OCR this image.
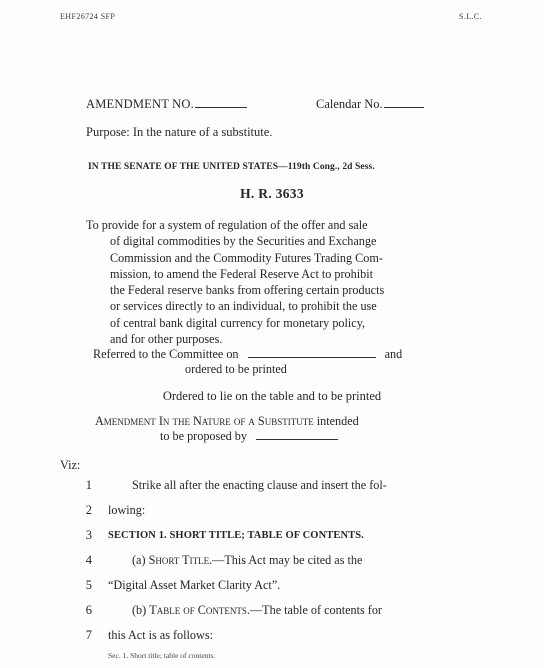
EHF26724 SFP	S.L.C.
AMENDMENT NO.	Calendar No.
Purpose: In the nature of a substitute.
IN THE SENATE OF THE UNITED STATES—119th Cong., 2d Sess.
H. R. 3633
To provide for a system of regulation of the offer and sale
of digital commodities by the Securities and Exchange
Commission and the Commodity Futures Trading Com-
mission, to amend the Federal Reserve Act to prohibit
the Federal reserve banks from offering certain products
or services directly to an individual, to prohibit the use
of central bank digital currency for monetary policy,
and for other purposes.
Referred to the Committee on	and
ordered to be printed
Ordered to lie on the table and to be printed
Amendment In the Nature of a Substitute intended
to be proposed by
Viz:
1	Strike all after the enacting clause and insert the fol-
2 lowing:
3 SECTION 1. SHORT TITLE; TABLE OF CONTENTS.
4	(a) Short Title.—This Act may be cited as the
5 “Digital Asset Market Clarity Act”.
6	(b) Table of Contents.—The table of contents for
7 this Act is as follows:
Sec. 1. Short title; table of contents.
